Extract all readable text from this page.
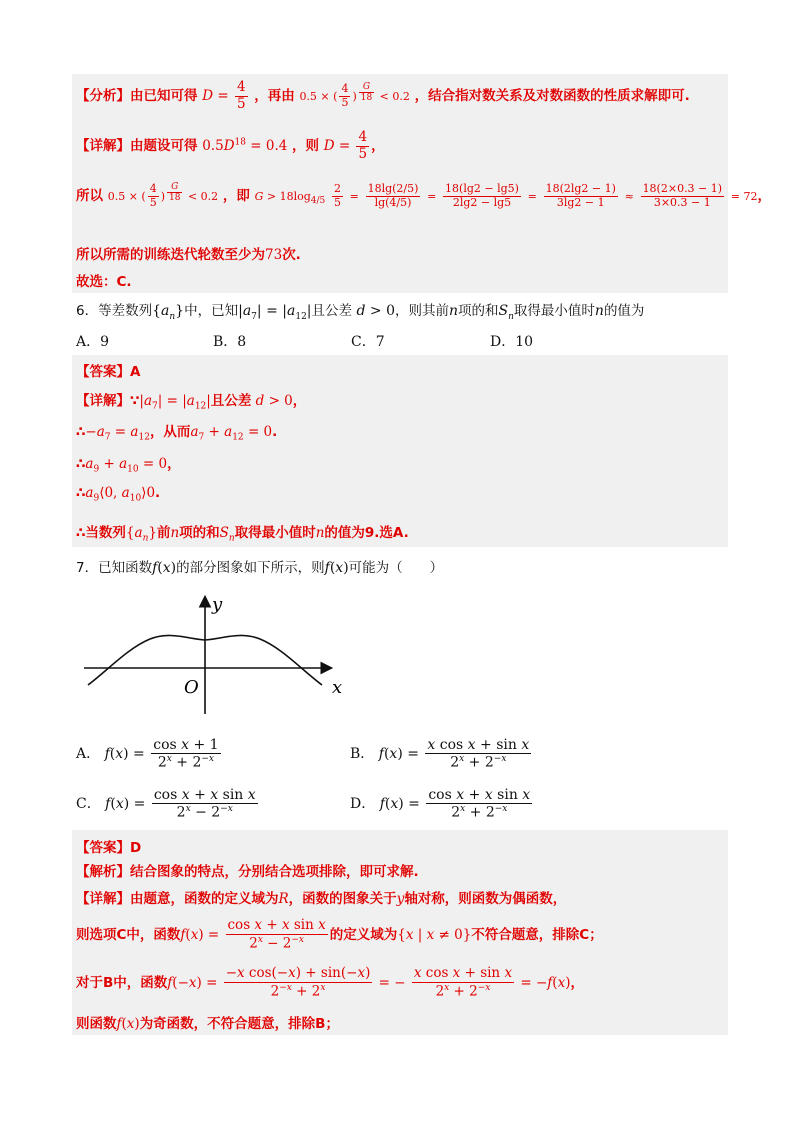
【分析】由已知可得 $D = \frac{4}{5}$ ，再由 0.5 × ( $\frac{4}{5}$ ) $^{\frac{G}{18}}$ < 0.2 ，结合指对数关系及对数函数的性质求解即可.
【详解】由题设可得 $0.5D^{18} = 0.4$ ，则 $D = \frac{4}{5}$ ，
所以 0.5 × ( $\frac{4}{5}$ ) $^{\frac{G}{18}}$ < 0.2 ，即 $G > 18\log_{4/5} \frac{2}{5} = \frac{18\lg(2/5)}{\lg(4/5)} = \frac{18(\lg 2 - \lg 5)}{2\lg 2 - \lg 5} = \frac{18(2\lg 2 - 1)}{3\lg 2 - 1} \approx \frac{18(2\times 0.3 - 1)}{3\times 0.3 - 1} = 72$，
所以所需的训练迭代轮数至少为73次.
故选：C.
6．等差数列$\{a_n\}$中，已知$|a_7| = |a_{12}|$且公差 d > 0，则其前n项的和$S_n$取得最小值时n的值为
A．9	B．8	C．7	D．10
【答案】A
【详解】$\because|a_7| = |a_{12}|$且公差 d > 0，
$\therefore-a_7 = a_{12}$，从而$a_7 + a_{12} = 0$.
$\therefore a_9 + a_{10} = 0$，
$\therefore a_9⟨0$, $a_{10}⟩0$.
∴当数列$\{a_n\}$前n项的和$S_n$取得最小值时n的值为9.选A.
7．已知函数f(x)的部分图象如下所示，则f(x)可能为（　　）
y
x
O
A． $f(x) = \frac{\text{cos x + 1}}{2^x + 2^{-x}}$	B． $f(x) = \frac{\text{x cos x + sin x}}{2^x + 2^{-x}}$
C． $f(x) = \frac{\text{cos x + x sin x}}{2^x - 2^{-x}}$	D． $f(x) = \frac{\text{cos x + x sin x}}{2^x + 2^{-x}}$
【答案】D
【解析】结合图象的特点，分别结合选项排除，即可求解.
【详解】由题意，函数的定义域为R，函数的图象关于y轴对称，则函数为偶函数，
则选项C中，函数$f(x) = \frac{\text{cos x + x sin x}}{2^x - 2^{-x}}$ 的定义域为{x | x ≠ 0}不符合题意，排除C；
对于B中，函数$f(-x) = \frac{\text{−x cos(−x) + sin(−x)}}{2^{-x} + 2^x}$ = − $\frac{\text{x cos x + sin x}}{2^x + 2^{-x}} = -f(x)$，
则函数f(x)为奇函数，不符合题意，排除B；
